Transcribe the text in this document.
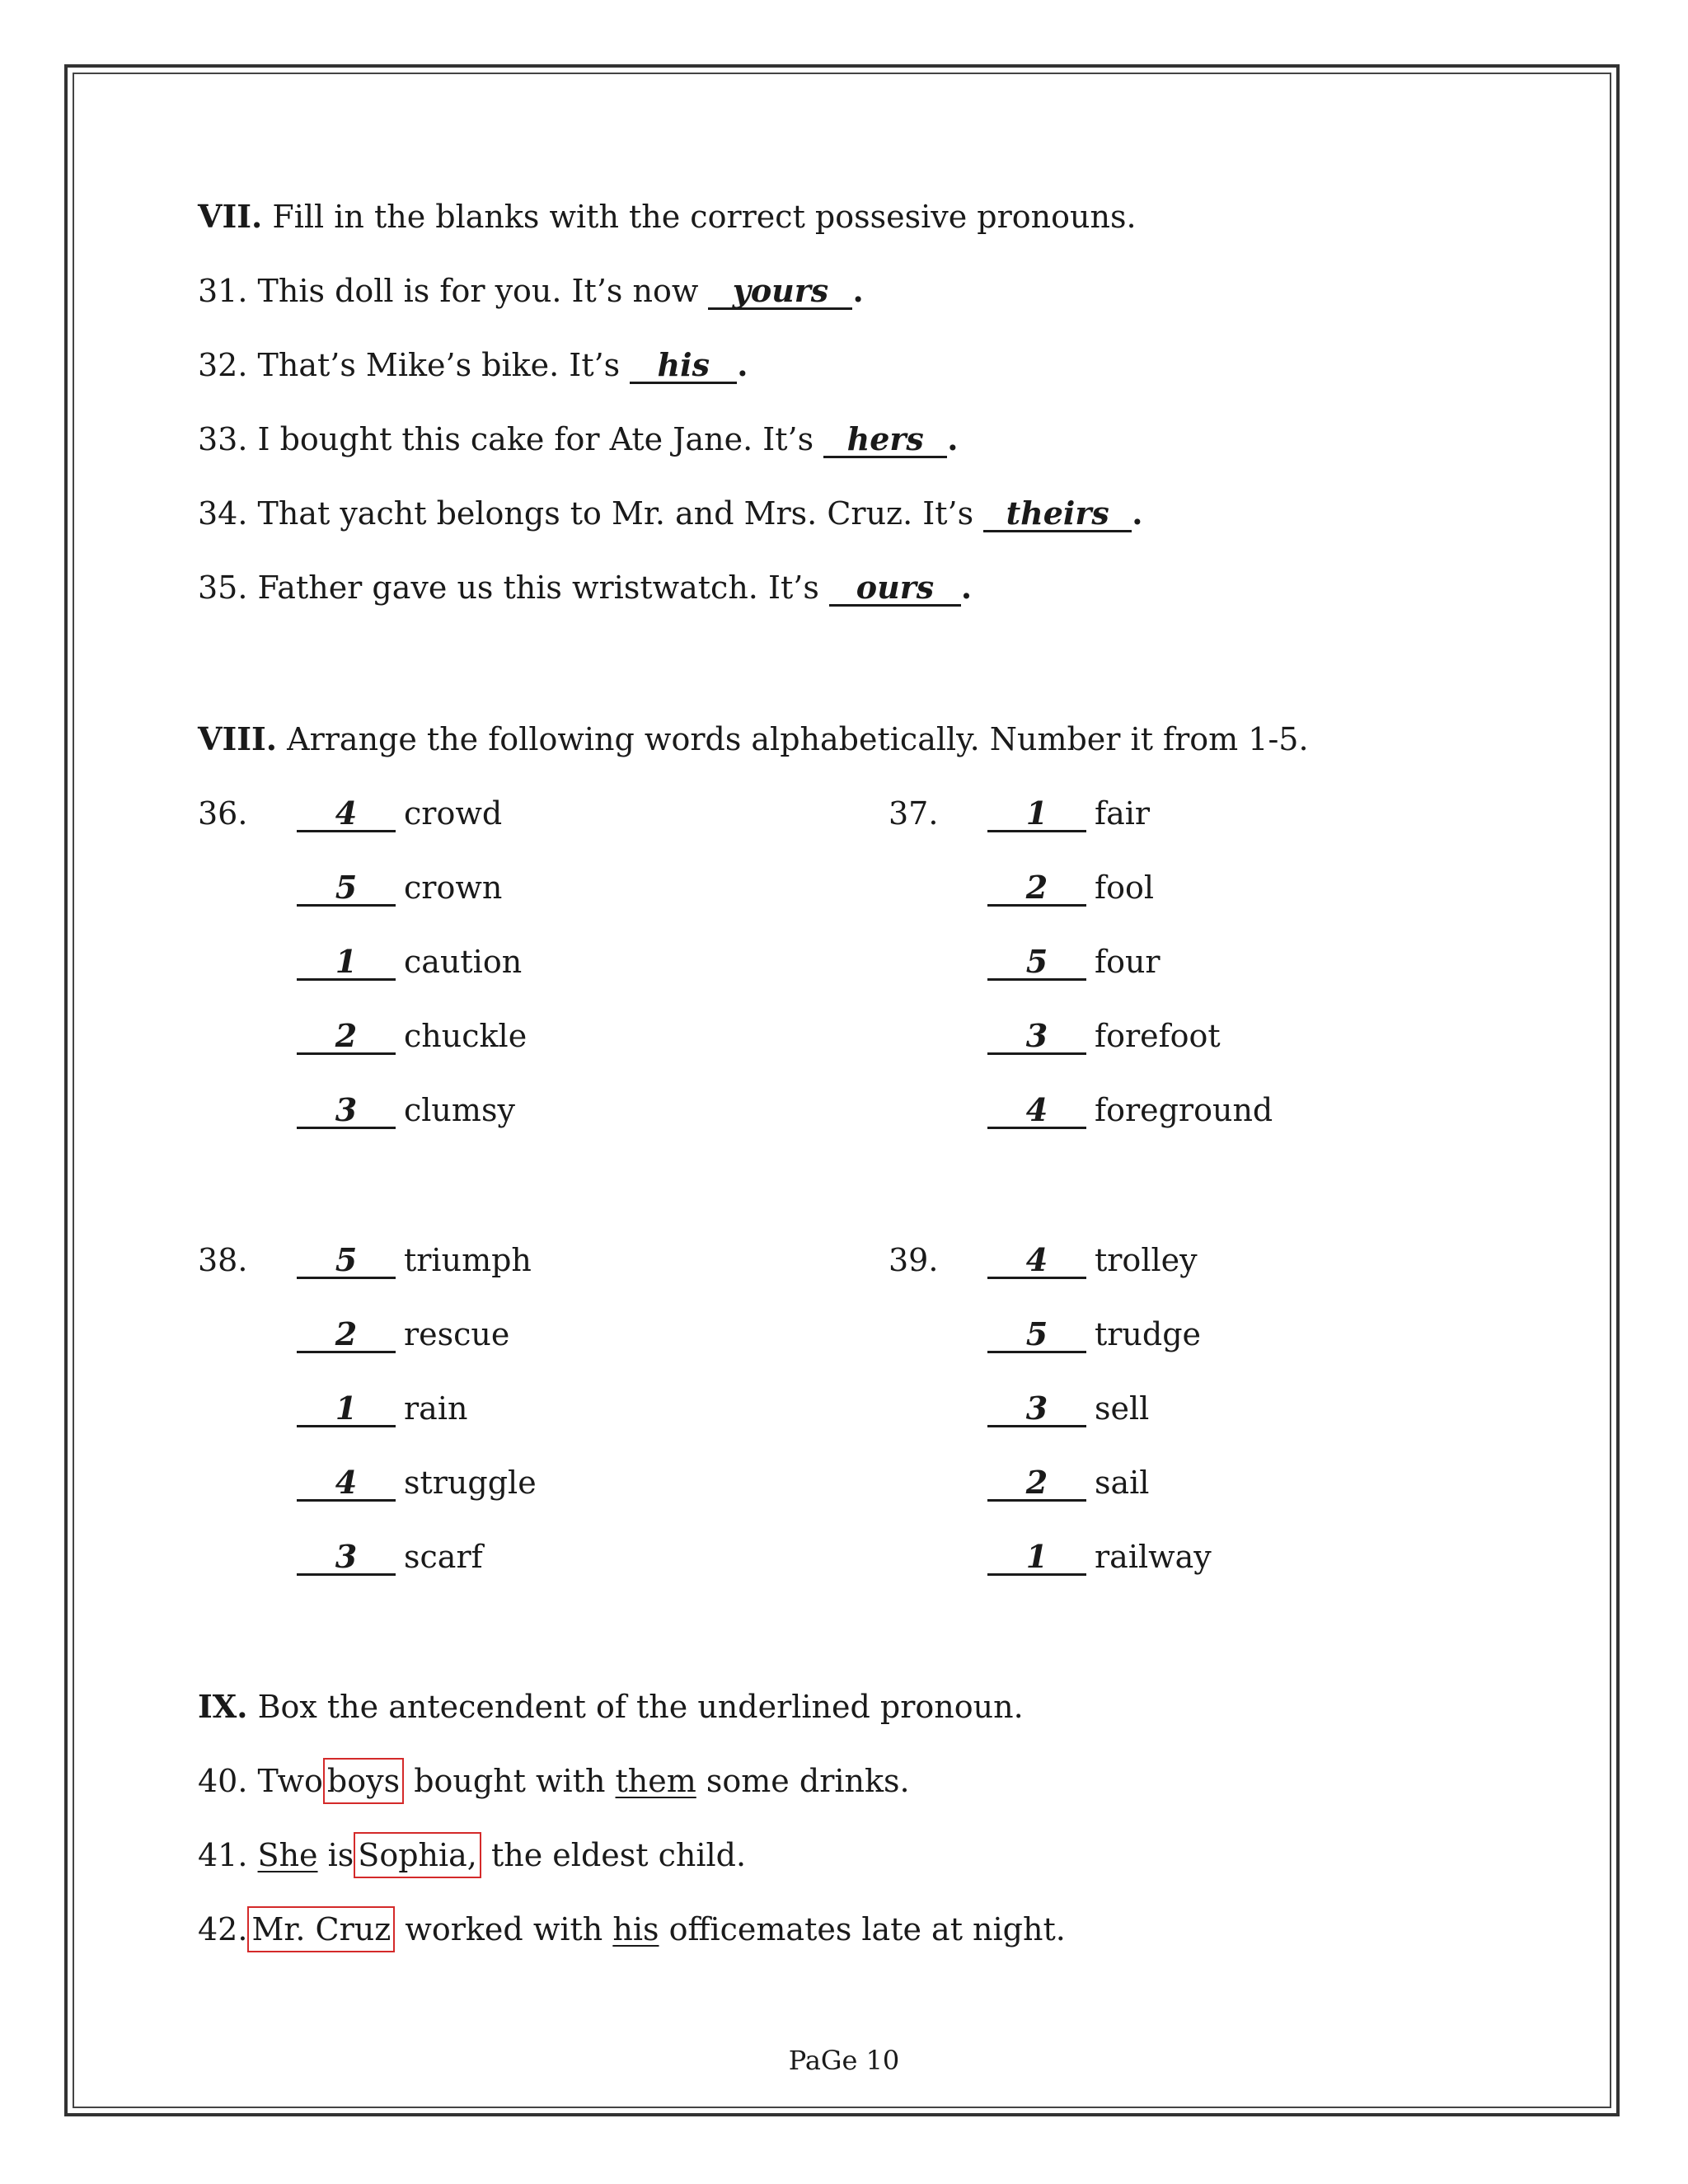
VII. Fill in the blanks with the correct possesive pronouns.
31. This doll is for you. It’s now yours .
32. That’s Mike’s bike. It’s his .
33. I bought this cake for Ate Jane. It’s hers .
34. That yacht belongs to Mr. and Mrs. Cruz. It’s theirs .
35. Father gave us this wristwatch. It’s ours .
VIII. Arrange the following words alphabetically. Number it from 1-5.
36.	4 crowd
5 crown
1 caution
2 chuckle
3 clumsy
37.	1 fair
2 fool
5 four
3 forefoot
4 foreground
38.	5 triumph
2 rescue
1 rain
4 struggle
3 scarf
39.	4 trolley
5 trudge
3 sell
2 sail
1 railway
IX. Box the antecendent of the underlined pronoun.
40. Two boys bought with them some drinks.
41. She is Sophia, the eldest child.
42. Mr. Cruz worked with his officemates late at night.
PaGe 10
